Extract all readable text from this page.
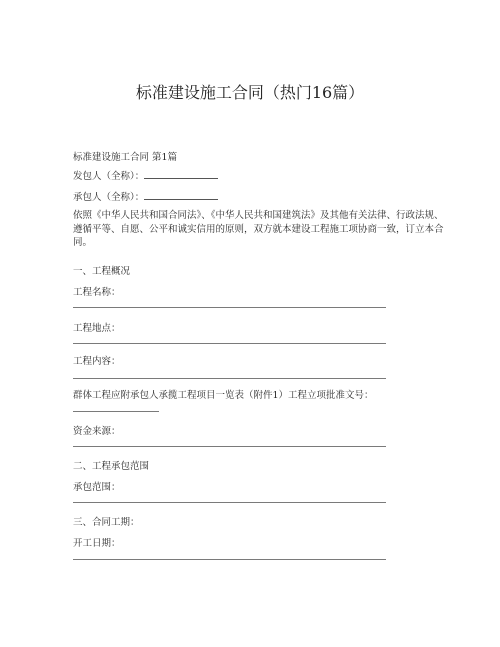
标准建设施工合同（热门16篇）
标准建设施工合同 第1篇
发包人（全称）：
承包人（全称）：
依照《中华人民共和国合同法》、《中华人民共和国建筑法》及其他有关法律、行政法规、
遵循平等、自愿、公平和诚实信用的原则，双方就本建设工程施工项协商一致，订立本合
同。
一、工程概况
工程名称：
工程地点：
工程内容：
群体工程应附承包人承揽工程项目一览表（附件1）工程立项批准文号：
资金来源：
二、工程承包范围
承包范围：
三、合同工期：
开工日期：
